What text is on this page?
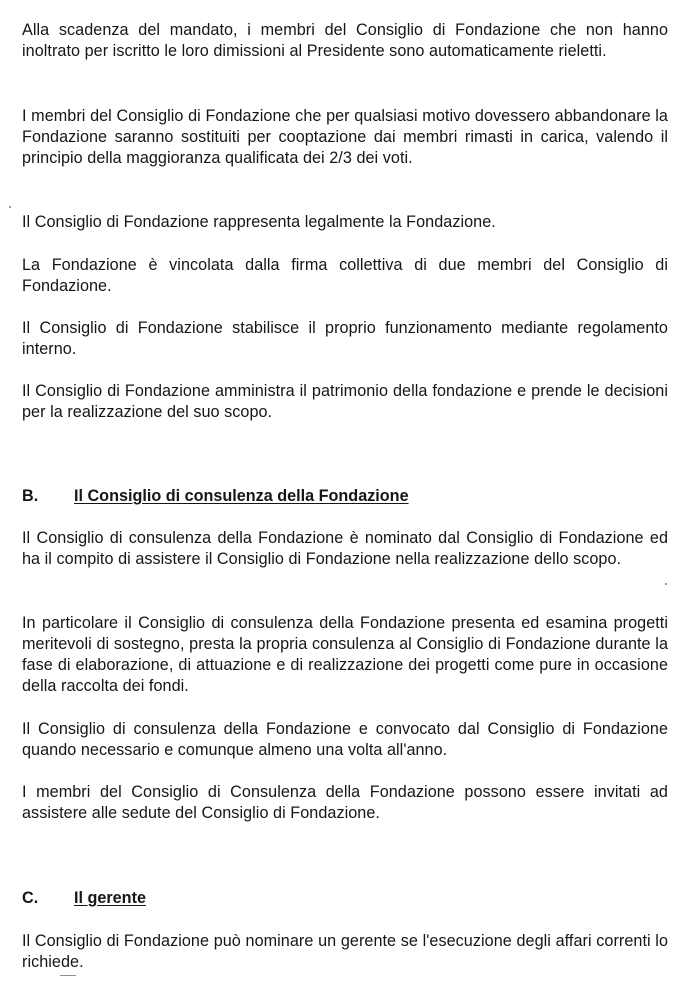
Alla scadenza del mandato, i membri del Consiglio di Fondazione che non hanno inoltrato per iscritto le loro dimissioni al Presidente sono automaticamente rieletti.

I membri del Consiglio di Fondazione che per qualsiasi motivo dovessero abbandonare la Fondazione saranno sostituiti per cooptazione dai membri rimasti in carica, valendo il principio della maggioranza qualificata dei 2/3 dei voti.

Il Consiglio di Fondazione rappresenta legalmente la Fondazione.

La Fondazione è vincolata dalla firma collettiva di due membri del Consiglio di Fondazione.

Il Consiglio di Fondazione stabilisce il proprio funzionamento mediante regolamento interno.

Il Consiglio di Fondazione amministra il patrimonio della fondazione e prende le decisioni per la realizzazione del suo scopo.

B. Il Consiglio di consulenza della Fondazione

Il Consiglio di consulenza della Fondazione è nominato dal Consiglio di Fondazione ed ha il compito di assistere il Consiglio di Fondazione nella realizzazione dello scopo.

In particolare il Consiglio di consulenza della Fondazione presenta ed esamina progetti meritevoli di sostegno, presta la propria consulenza al Consiglio di Fondazione durante la fase di elaborazione, di attuazione e di realizzazione dei progetti come pure in occasione della raccolta dei fondi.

Il Consiglio di consulenza della Fondazione e convocato dal Consiglio di Fondazione quando necessario e comunque almeno una volta all'anno.

I membri del Consiglio di Consulenza della Fondazione possono essere invitati ad assistere alle sedute del Consiglio di Fondazione.

C. Il gerente

Il Consiglio di Fondazione può nominare un gerente se l'esecuzione degli affari correnti lo richiede.
